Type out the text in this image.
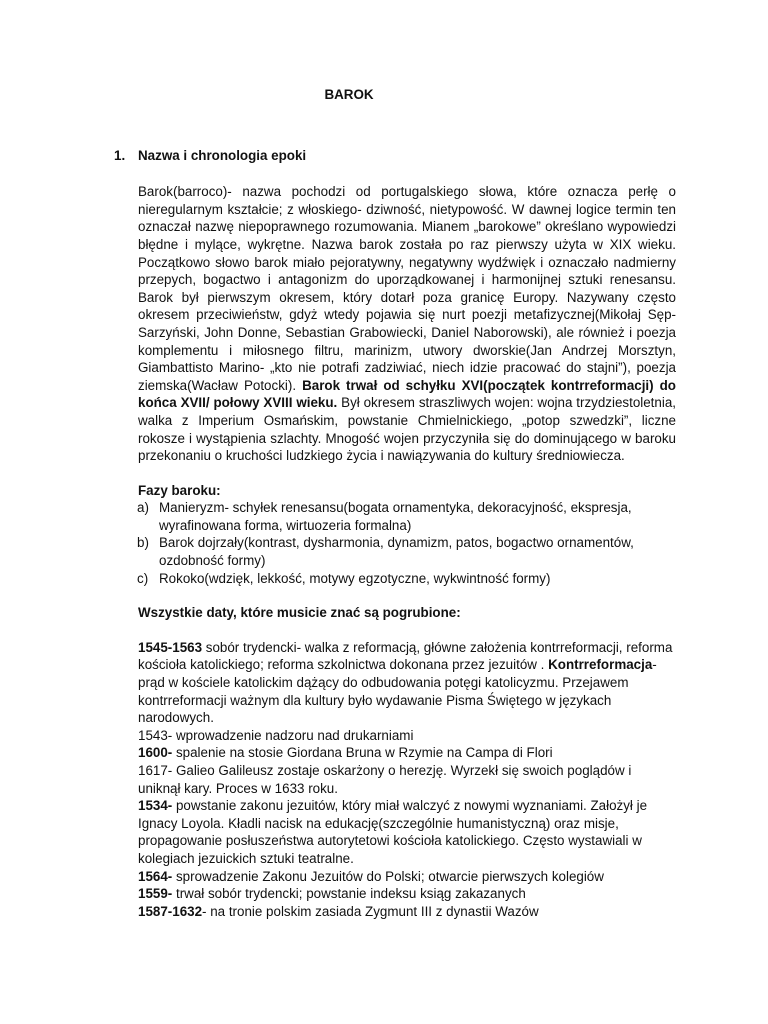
BAROK
1. Nazwa i chronologia epoki
Barok(barroco)- nazwa pochodzi od portugalskiego słowa, które oznacza perłę o nieregularnym kształcie; z włoskiego- dziwność, nietypowość. W dawnej logice termin ten oznaczał nazwę niepoprawnego rozumowania. Mianem „barokowe” określano wypowiedzi błędne i mylące, wykrętne. Nazwa barok została po raz pierwszy użyta w XIX wieku. Początkowo słowo barok miało pejoratywny, negatywny wydźwięk i oznaczało nadmierny przepych, bogactwo i antagonizm do uporządkowanej i harmonijnej sztuki renesansu. Barok był pierwszym okresem, który dotarł poza granicę Europy. Nazywany często okresem przeciwieństw, gdyż wtedy pojawia się nurt poezji metafizycznej(Mikołaj Sęp-Sarzyński, John Donne, Sebastian Grabowiecki, Daniel Naborowski), ale również i poezja komplementu i miłosnego filtru, marinizm, utwory dworskie(Jan Andrzej Morsztyn, Giambattisto Marino- „kto nie potrafi zadziwiać, niech idzie pracować do stajni”), poezja ziemska(Wacław Potocki). Barok trwał od schyłku XVI(początek kontrreformacji) do końca XVII/ połowy XVIII wieku. Był okresem straszliwych wojen: wojna trzydziestoletnia, walka z Imperium Osmańskim, powstanie Chmielnickiego, „potop szwedzki”, liczne rokosze i wystąpienia szlachty. Mnogość wojen przyczyniła się do dominującego w baroku przekonaniu o kruchości ludzkiego życia i nawiązywania do kultury średniowiecza.
Fazy baroku:
a) Manieryzm- schyłek renesansu(bogata ornamentyka, dekoracyjność, ekspresja, wyrafinowana forma, wirtuozeria formalna)
b) Barok dojrzały(kontrast, dysharmonia, dynamizm, patos, bogactwo ornamentów, ozdobność formy)
c) Rokoko(wdzięk, lekkość, motywy egzotyczne, wykwintność formy)
Wszystkie daty, które musicie znać są pogrubione:
1545-1563 sobór trydencki- walka z reformacją, główne założenia kontrreformacji, reforma kościoła katolickiego; reforma szkolnictwa dokonana przez jezuitów . Kontrreformacja- prąd w kościele katolickim dążący do odbudowania potęgi katolicyzmu. Przejawem kontrreformacji ważnym dla kultury było wydawanie Pisma Świętego w językach narodowych.
1543- wprowadzenie nadzoru nad drukarniami
1600- spalenie na stosie Giordana Bruna w Rzymie na Campa di Flori
1617- Galieo Galileusz zostaje oskarżony o herezję. Wyrzekł się swoich poglądów i uniknął kary. Proces w 1633 roku.
1534- powstanie zakonu jezuitów, który miał walczyć z nowymi wyznaniami. Założył je Ignacy Loyola. Kładli nacisk na edukację(szczególnie humanistyczną) oraz misje, propagowanie posłuszeństwa autorytetowi kościoła katolickiego. Często wystawiali w kolegiach jezuickich sztuki teatralne.
1564- sprowadzenie Zakonu Jezuitów do Polski; otwarcie pierwszych kolegiów
1559- trwał sobór trydencki; powstanie indeksu ksiąg zakazanych
1587-1632- na tronie polskim zasiada Zygmunt III z dynastii Wazów
